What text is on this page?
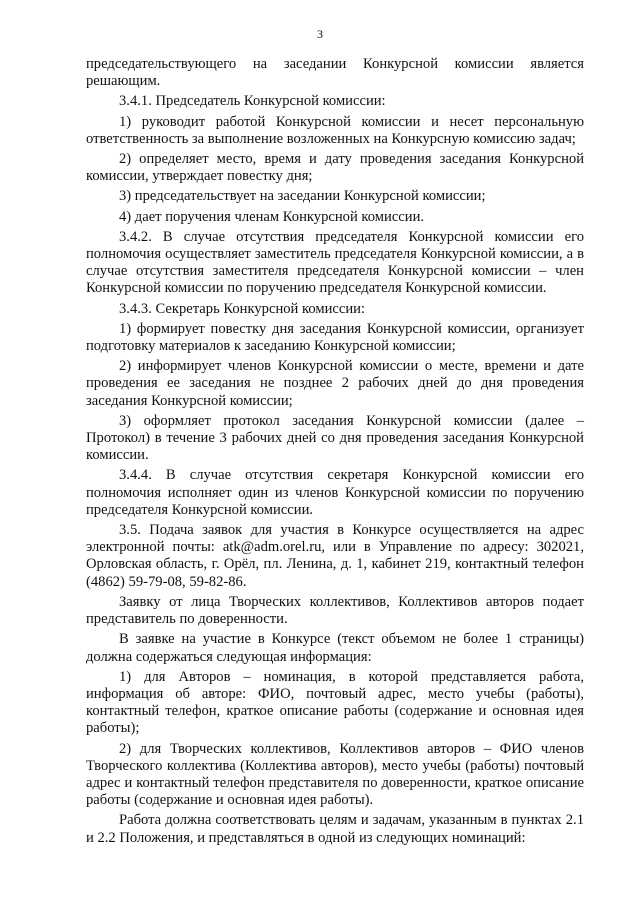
3

председательствующего на заседании Конкурсной комиссии является решающим.

3.4.1. Председатель Конкурсной комиссии:

1) руководит работой Конкурсной комиссии и несет персональную ответственность за выполнение возложенных на Конкурсную комиссию задач;

2) определяет место, время и дату проведения заседания Конкурсной комиссии, утверждает повестку дня;

3) председательствует на заседании Конкурсной комиссии;

4) дает поручения членам Конкурсной комиссии.

3.4.2. В случае отсутствия председателя Конкурсной комиссии его полномочия осуществляет заместитель председателя Конкурсной комиссии, а в случае отсутствия заместителя председателя Конкурсной комиссии – член Конкурсной комиссии по поручению председателя Конкурсной комиссии.

3.4.3. Секретарь Конкурсной комиссии:

1) формирует повестку дня заседания Конкурсной комиссии, организует подготовку материалов к заседанию Конкурсной комиссии;

2) информирует членов Конкурсной комиссии о месте, времени и дате проведения ее заседания не позднее 2 рабочих дней до дня проведения заседания Конкурсной комиссии;

3) оформляет протокол заседания Конкурсной комиссии (далее – Протокол) в течение 3 рабочих дней со дня проведения заседания Конкурсной комиссии.

3.4.4. В случае отсутствия секретаря Конкурсной комиссии его полномочия исполняет один из членов Конкурсной комиссии по поручению председателя Конкурсной комиссии.

3.5. Подача заявок для участия в Конкурсе осуществляется на адрес электронной почты: atk@adm.orel.ru, или в Управление по адресу: 302021, Орловская область, г. Орёл, пл. Ленина, д. 1, кабинет 219, контактный телефон (4862) 59-79-08, 59-82-86.

Заявку от лица Творческих коллективов, Коллективов авторов подает представитель по доверенности.

В заявке на участие в Конкурсе (текст объемом не более 1 страницы) должна содержаться следующая информация:

1) для Авторов – номинация, в которой представляется работа, информация об авторе: ФИО, почтовый адрес, место учебы (работы), контактный телефон, краткое описание работы (содержание и основная идея работы);

2) для Творческих коллективов, Коллективов авторов – ФИО членов Творческого коллектива (Коллектива авторов), место учебы (работы) почтовый адрес и контактный телефон представителя по доверенности, краткое описание работы (содержание и основная идея работы).

Работа должна соответствовать целям и задачам, указанным в пунктах 2.1 и 2.2 Положения, и представляться в одной из следующих номинаций:
